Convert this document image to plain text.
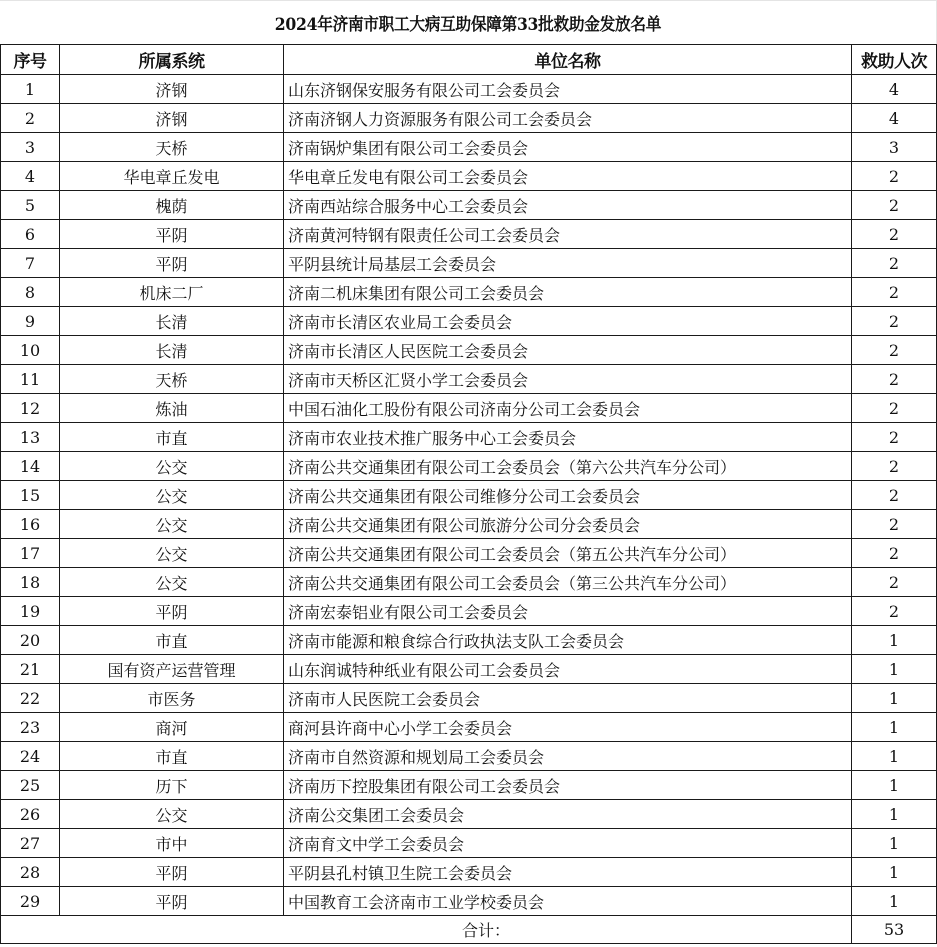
2024年济南市职工大病互助保障第33批救助金发放名单
序号	所属系统	单位名称	救助人次
1	济钢	山东济钢保安服务有限公司工会委员会	4
2	济钢	济南济钢人力资源服务有限公司工会委员会	4
3	天桥	济南锅炉集团有限公司工会委员会	3
4	华电章丘发电	华电章丘发电有限公司工会委员会	2
5	槐荫	济南西站综合服务中心工会委员会	2
6	平阴	济南黄河特钢有限责任公司工会委员会	2
7	平阴	平阴县统计局基层工会委员会	2
8	机床二厂	济南二机床集团有限公司工会委员会	2
9	长清	济南市长清区农业局工会委员会	2
10	长清	济南市长清区人民医院工会委员会	2
11	天桥	济南市天桥区汇贤小学工会委员会	2
12	炼油	中国石油化工股份有限公司济南分公司工会委员会	2
13	市直	济南市农业技术推广服务中心工会委员会	2
14	公交	济南公共交通集团有限公司工会委员会（第六公共汽车分公司）	2
15	公交	济南公共交通集团有限公司维修分公司工会委员会	2
16	公交	济南公共交通集团有限公司旅游分公司分会委员会	2
17	公交	济南公共交通集团有限公司工会委员会（第五公共汽车分公司）	2
18	公交	济南公共交通集团有限公司工会委员会（第三公共汽车分公司）	2
19	平阴	济南宏泰铝业有限公司工会委员会	2
20	市直	济南市能源和粮食综合行政执法支队工会委员会	1
21	国有资产运营管理	山东润诚特种纸业有限公司工会委员会	1
22	市医务	济南市人民医院工会委员会	1
23	商河	商河县许商中心小学工会委员会	1
24	市直	济南市自然资源和规划局工会委员会	1
25	历下	济南历下控股集团有限公司工会委员会	1
26	公交	济南公交集团工会委员会	1
27	市中	济南育文中学工会委员会	1
28	平阴	平阴县孔村镇卫生院工会委员会	1
29	平阴	中国教育工会济南市工业学校委员会	1
合计：			53
